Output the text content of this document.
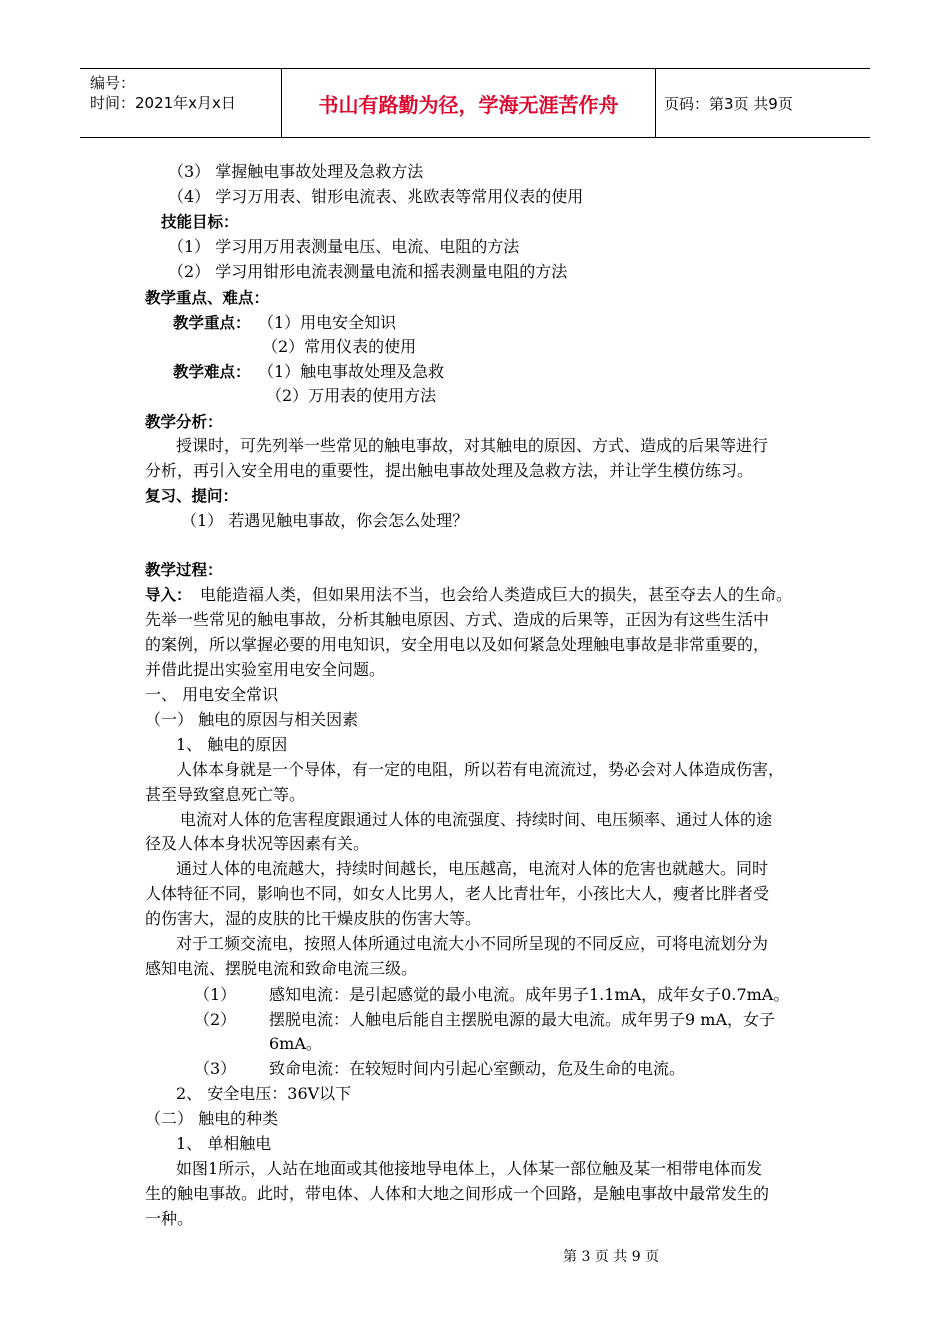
编号：
时间：2021年x月x日	书山有路勤为径，学海无涯苦作舟	页码：第3页 共9页
（3） 掌握触电事故处理及急救方法
（4） 学习万用表、钳形电流表、兆欧表等常用仪表的使用
技能目标：
（1） 学习用万用表测量电压、电流、电阻的方法
（2） 学习用钳形电流表测量电流和摇表测量电阻的方法
教学重点、难点：
教学重点： （1）用电安全知识
（2）常用仪表的使用
教学难点： （1）触电事故处理及急救
（2）万用表的使用方法
教学分析：
授课时，可先列举一些常见的触电事故，对其触电的原因、方式、造成的后果等进行
分析，再引入安全用电的重要性，提出触电事故处理及急救方法，并让学生模仿练习。
复习、提问：
（1） 若遇见触电事故，你会怎么处理？
教学过程：
导入： 电能造福人类，但如果用法不当，也会给人类造成巨大的损失，甚至夺去人的生命。
先举一些常见的触电事故，分析其触电原因、方式、造成的后果等，正因为有这些生活中
的案例，所以掌握必要的用电知识，安全用电以及如何紧急处理触电事故是非常重要的，
并借此提出实验室用电安全问题。
一、 用电安全常识
（一） 触电的原因与相关因素
1、 触电的原因
人体本身就是一个导体，有一定的电阻，所以若有电流流过，势必会对人体造成伤害，
甚至导致窒息死亡等。
电流对人体的危害程度跟通过人体的电流强度、持续时间、电压频率、通过人体的途
径及人体本身状况等因素有关。
通过人体的电流越大，持续时间越长，电压越高，电流对人体的危害也就越大。同时
人体特征不同，影响也不同，如女人比男人，老人比青壮年，小孩比大人，瘦者比胖者受
的伤害大，湿的皮肤的比干燥皮肤的伤害大等。
对于工频交流电，按照人体所通过电流大小不同所呈现的不同反应，可将电流划分为
感知电流、摆脱电流和致命电流三级。
（1） 感知电流：是引起感觉的最小电流。成年男子1.1mA，成年女子0.7mA。
（2） 摆脱电流：人触电后能自主摆脱电源的最大电流。成年男子9 mA，女子
6mA。
（3） 致命电流：在较短时间内引起心室颤动，危及生命的电流。
2、 安全电压：36V以下
（二） 触电的种类
1、 单相触电
如图1所示，人站在地面或其他接地导电体上，人体某一部位触及某一相带电体而发
生的触电事故。此时，带电体、人体和大地之间形成一个回路，是触电事故中最常发生的
一种。
第 3 页 共 9 页
